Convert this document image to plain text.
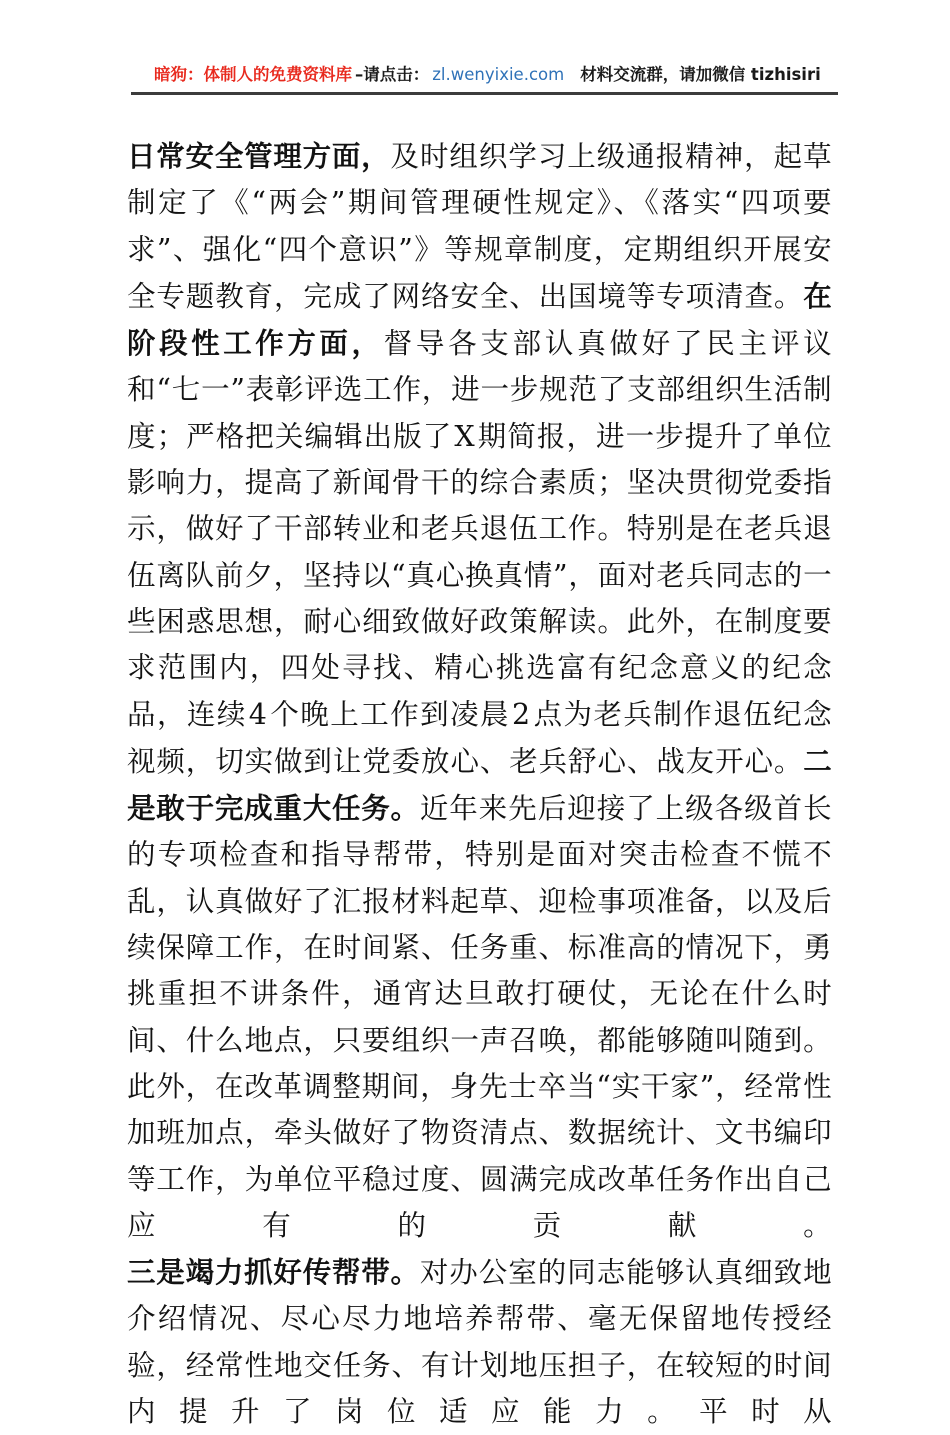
暗狗：体制人的免费资料库 –请点击： zl.wenyixie.com 材料交流群，请加微信 tizhisiri
日常安全管理方面，及时组织学习上级通报精神，起草制定了《“两会”期间管理硬性规定》、《落实“四项要求”、强化“四个意识”》等规章制度，定期组织开展安全专题教育，完成了网络安全、出国境等专项清查。在阶段性工作方面，督导各支部认真做好了民主评议和“七一”表彰评选工作，进一步规范了支部组织生活制度；严格把关编辑出版了X期简报，进一步提升了单位影响力，提高了新闻骨干的综合素质；坚决贯彻党委指示，做好了干部转业和老兵退伍工作。特别是在老兵退伍离队前夕，坚持以“真心换真情”，面对老兵同志的一些困惑思想，耐心细致做好政策解读。此外，在制度要求范围内，四处寻找、精心挑选富有纪念意义的纪念品，连续4个晚上工作到凌晨2点为老兵制作退伍纪念视频，切实做到让党委放心、老兵舒心、战友开心。二是敢于完成重大任务。近年来先后迎接了上级各级首长的专项检查和指导帮带，特别是面对突击检查不慌不乱，认真做好了汇报材料起草、迎检事项准备，以及后续保障工作，在时间紧、任务重、标准高的情况下，勇挑重担不讲条件，通宵达旦敢打硬仗，无论在什么时间、什么地点，只要组织一声召唤，都能够随叫随到。此外，在改革调整期间，身先士卒当“实干家”，经常性加班加点，牵头做好了物资清点、数据统计、文书编印等工作，为单位平稳过度、圆满完成改革任务作出自己应有的贡献。
三是竭力抓好传帮带。对办公室的同志能够认真细致地介绍情况、尽心尽力地培养帮带、毫无保留地传授经验，经常性地交任务、有计划地压担子，在较短的时间内提升了岗位适应能力。平时从
